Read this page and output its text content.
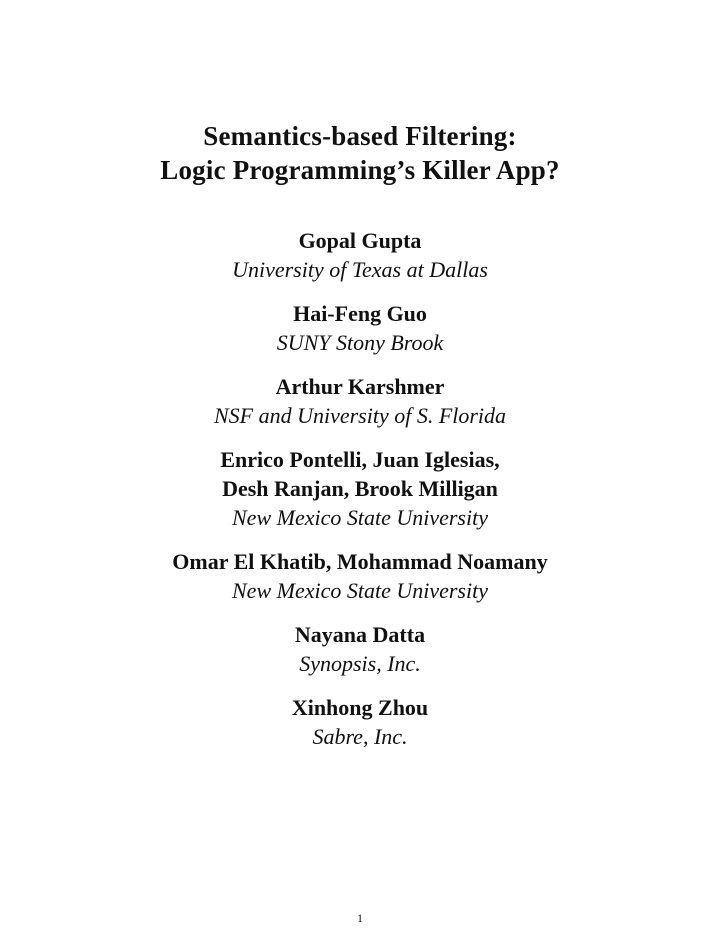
Semantics-based Filtering:
Logic Programming’s Killer App?
Gopal Gupta
University of Texas at Dallas
Hai-Feng Guo
SUNY Stony Brook
Arthur Karshmer
NSF and University of S. Florida
Enrico Pontelli, Juan Iglesias,
Desh Ranjan, Brook Milligan
New Mexico State University
Omar El Khatib, Mohammad Noamany
New Mexico State University
Nayana Datta
Synopsis, Inc.
Xinhong Zhou
Sabre, Inc.
1
